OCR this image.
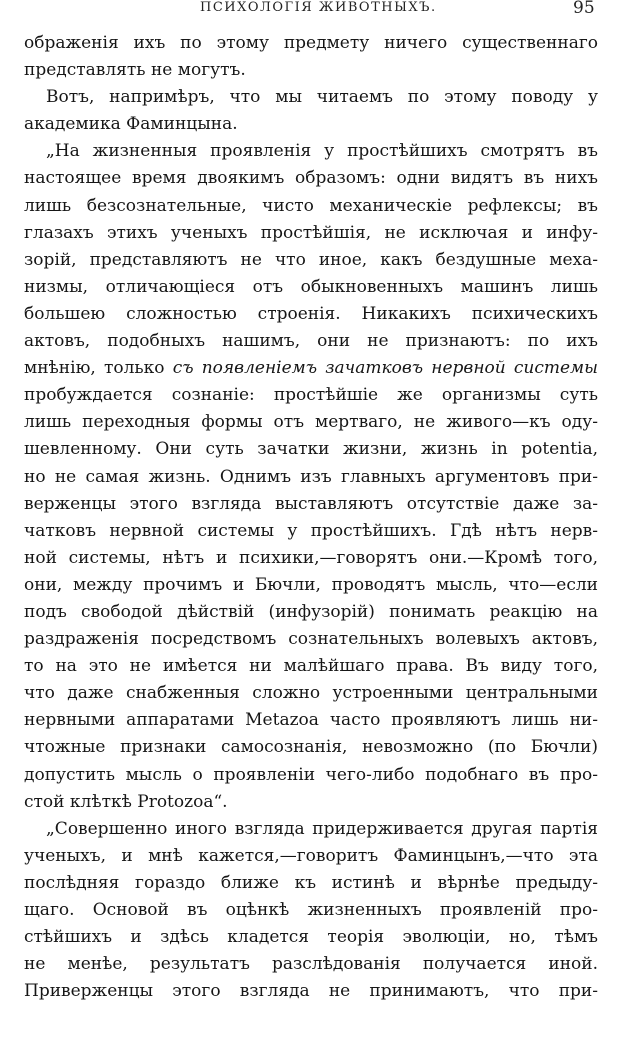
ПСИХОЛОГІЯ ЖИВОТНЫХЪ.	95
ображенія ихъ по этому предмету ничего существеннаго
представлять не могутъ.
Вотъ, напримѣръ, что мы читаемъ по этому поводу у
академика Фаминцына.
„На жизненныя проявленія у простѣйшихъ смотрятъ въ
настоящее время двоякимъ образомъ: одни видятъ въ нихъ
лишь безсознательные, чисто механическіе рефлексы; въ
глазахъ этихъ ученыхъ простѣйшія, не исключая и инфу-
зорій, представляютъ не что иное, какъ бездушные меха-
низмы, отличающіеся отъ обыкновенныхъ машинъ лишь
большею сложностью строенія. Никакихъ психическихъ
актовъ, подобныхъ нашимъ, они не признаютъ: по ихъ
мнѣнію, только съ появленіемъ зачатковъ нервной системы
пробуждается сознаніе: простѣйшіе же организмы суть
лишь переходныя формы отъ мертваго, не живого—къ оду-
шевленному. Они суть зачатки жизни, жизнь in potentia,
но не самая жизнь. Однимъ изъ главныхъ аргументовъ при-
верженцы этого взгляда выставляютъ отсутствіе даже за-
чатковъ нервной системы у простѣйшихъ. Гдѣ нѣтъ нерв-
ной системы, нѣтъ и психики,—говорятъ они.—Кромѣ того,
они, между прочимъ и Бючли, проводятъ мысль, что—если
подъ свободой дѣйствій (инфузорій) понимать реакцію на
раздраженія посредствомъ сознательныхъ волевыхъ актовъ,
то на это не имѣется ни малѣйшаго права. Въ виду того,
что даже снабженныя сложно устроенными центральными
нервными аппаратами Metazoa часто проявляютъ лишь ни-
чтожные признаки самосознанія, невозможно (по Бючли)
допустить мысль о проявленіи чего-либо подобнаго въ про-
стой клѣткѣ Protozoa“.
„Совершенно иного взгляда придерживается другая партія
ученыхъ, и мнѣ кажется,—говоритъ Фаминцынъ,—что эта
послѣдняя гораздо ближе къ истинѣ и вѣрнѣе предыду-
щаго. Основой въ оцѣнкѣ жизненныхъ проявленій про-
стѣйшихъ и здѣсь кладется теорія эволюціи, но, тѣмъ
не менѣе, результатъ разслѣдованія получается иной.
Приверженцы этого взгляда не принимаютъ, что при-
